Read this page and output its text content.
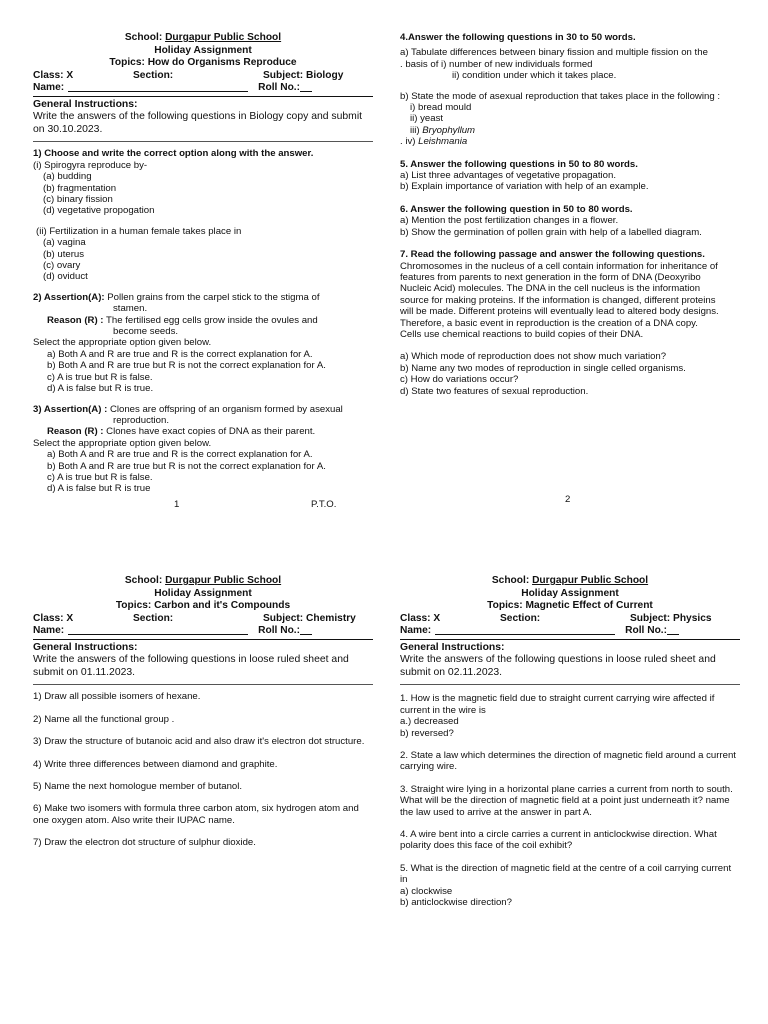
School: Durgapur Public School
Holiday Assignment
Topics: How do Organisms Reproduce
Class: X	Section:	Subject: Biology
Name:	Roll No.:
General Instructions:
Write the answers of the following questions in Biology copy and submit on 30.10.2023.
1) Choose and write the correct option along with the answer.
(i) Spirogyra reproduce by-
(a) budding
(b) fragmentation
(c) binary fission
(d) vegetative propogation
(ii) Fertilization in a human female takes place in
(a) vagina
(b) uterus
(c) ovary
(d) oviduct
2) Assertion(A): Pollen grains from the carpel stick to the stigma of
stamen.
Reason (R) : The fertilised egg cells grow inside the ovules and
become seeds.
Select the appropriate option given below.
a) Both A and R are true and R is the correct explanation for A.
b) Both A and R are true but R is not the correct explanation for A.
c) A is true but R is false.
d) A is false but R is true.
3) Assertion(A) : Clones are offspring of an organism formed by asexual
reproduction.
Reason (R) : Clones have exact copies of DNA as their parent.
Select the appropriate option given below.
a) Both A and R are true and R is the correct explanation for A.
b) Both A and R are true but R is not the correct explanation for A.
c) A is true but R is false.
d) A is false but R is true
1	P.T.O.
4.Answer the following questions in 30 to 50 words.
a) Tabulate differences between binary fission and multiple fission on the
. basis of i) number of new individuals formed
ii) condition under which it takes place.
b) State the mode of asexual reproduction that takes place in the following :
i) bread mould
ii) yeast
iii) Bryophyllum
. iv) Leishmania
5. Answer the following questions in 50 to 80 words.
a) List three advantages of vegetative propagation.
b) Explain importance of variation with help of an example.
6. Answer the following question in 50 to 80 words.
a) Mention the post fertilization changes in a flower.
b) Show the germination of pollen grain with help of a labelled diagram.
7. Read the following passage and answer the following questions.
Chromosomes in the nucleus of a cell contain information for inheritance of
features from parents to next generation in the form of DNA (Deoxyribo
Nucleic Acid) molecules. The DNA in the cell nucleus is the information
source for making proteins. If the information is changed, different proteins
will be made. Different proteins will eventually lead to altered body designs.
Therefore, a basic event in reproduction is the creation of a DNA copy.
Cells use chemical reactions to build copies of their DNA.
a) Which mode of reproduction does not show much variation?
b) Name any two modes of reproduction in single celled organisms.
c) How do variations occur?
d) State two features of sexual reproduction.
2
School: Durgapur Public School
Holiday Assignment
Topics: Carbon and it's Compounds
Class: X	Section:	Subject: Chemistry
Name:	Roll No.:
General Instructions:
Write the answers of the following questions in loose ruled sheet and submit on 01.11.2023.
1) Draw all possible isomers of hexane.
2) Name all the functional group .
3) Draw the structure of butanoic acid and also draw it's electron dot structure.
4) Write three differences between diamond and graphite.
5) Name the next homologue member of butanol.
6) Make two isomers with formula three carbon atom, six hydrogen atom and one oxygen atom. Also write their IUPAC name.
7) Draw the electron dot structure of sulphur dioxide.
School: Durgapur Public School
Holiday Assignment
Topics: Magnetic Effect of Current
Class: X	Section:	Subject: Physics
Name:	Roll No.:
General Instructions:
Write the answers of the following questions in loose ruled sheet and submit on 02.11.2023.
1. How is the magnetic field due to straight current carrying wire affected if current in the wire is
a.) decreased
b) reversed?
2. State a law which determines the direction of magnetic field around a current carrying wire.
3. Straight wire lying in a horizontal plane carries a current from north to south. What will be the direction of magnetic field at a point just underneath it? name the law used to arrive at the answer in part A.
4. A wire bent into a circle carries a current in anticlockwise direction. What polarity does this face of the coil exhibit?
5. What is the direction of magnetic field at the centre of a coil carrying current in
a) clockwise
b) anticlockwise direction?
